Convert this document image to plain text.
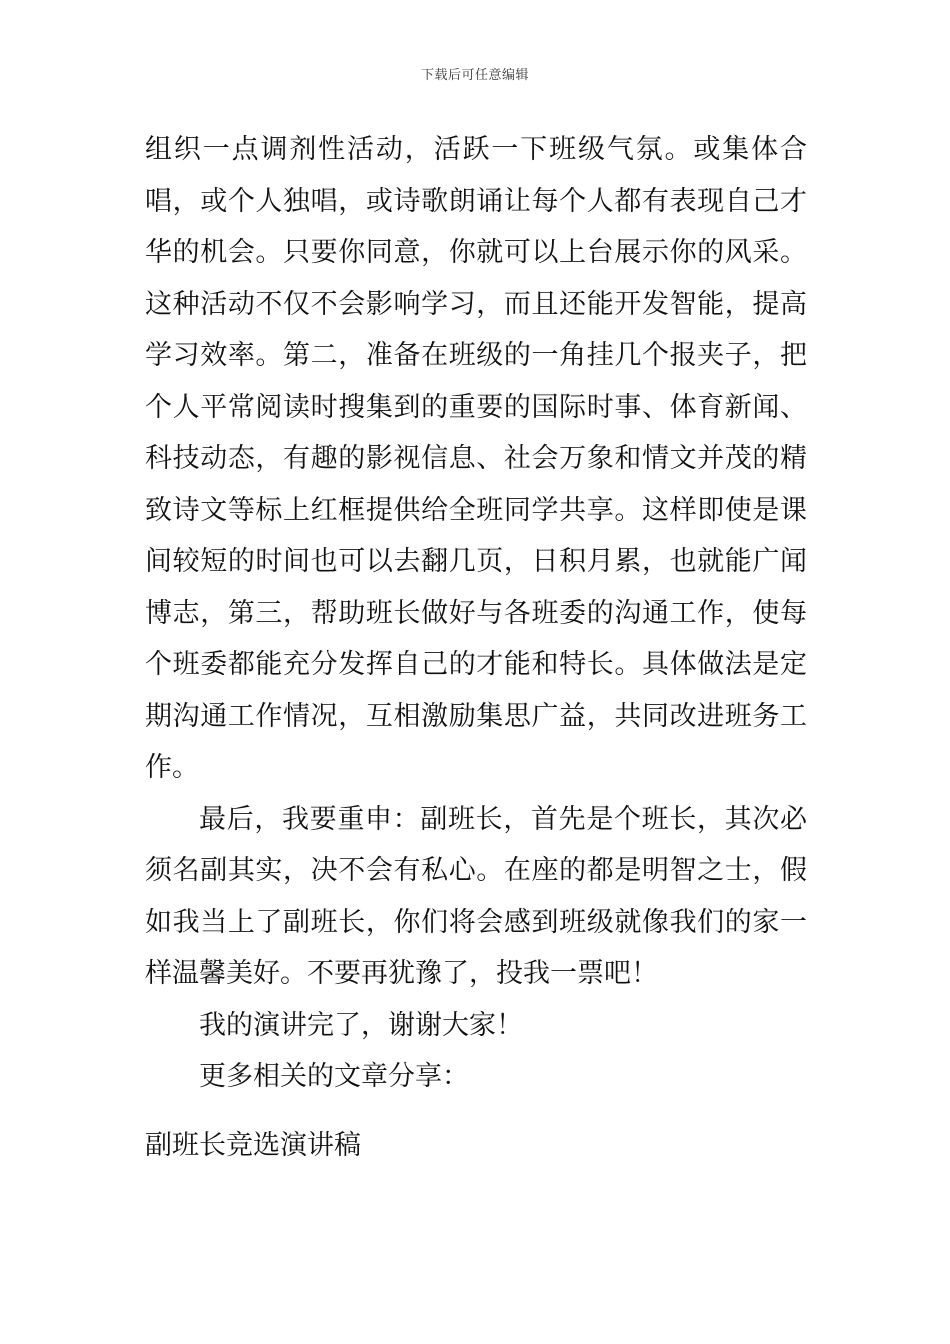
下载后可任意编辑

组织一点调剂性活动，活跃一下班级气氛。或集体合唱，或个人独唱，或诗歌朗诵让每个人都有表现自己才华的机会。只要你同意，你就可以上台展示你的风采。这种活动不仅不会影响学习，而且还能开发智能，提高学习效率。第二，准备在班级的一角挂几个报夹子，把个人平常阅读时搜集到的重要的国际时事、体育新闻、科技动态，有趣的影视信息、社会万象和情文并茂的精致诗文等标上红框提供给全班同学共享。这样即使是课间较短的时间也可以去翻几页，日积月累，也就能广闻博志，第三，帮助班长做好与各班委的沟通工作，使每个班委都能充分发挥自己的才能和特长。具体做法是定期沟通工作情况，互相激励集思广益，共同改进班务工作。

最后，我要重申：副班长，首先是个班长，其次必须名副其实，决不会有私心。在座的都是明智之士，假如我当上了副班长，你们将会感到班级就像我们的家一样温馨美好。不要再犹豫了，投我一票吧！

我的演讲完了，谢谢大家！

更多相关的文章分享：

副班长竞选演讲稿
